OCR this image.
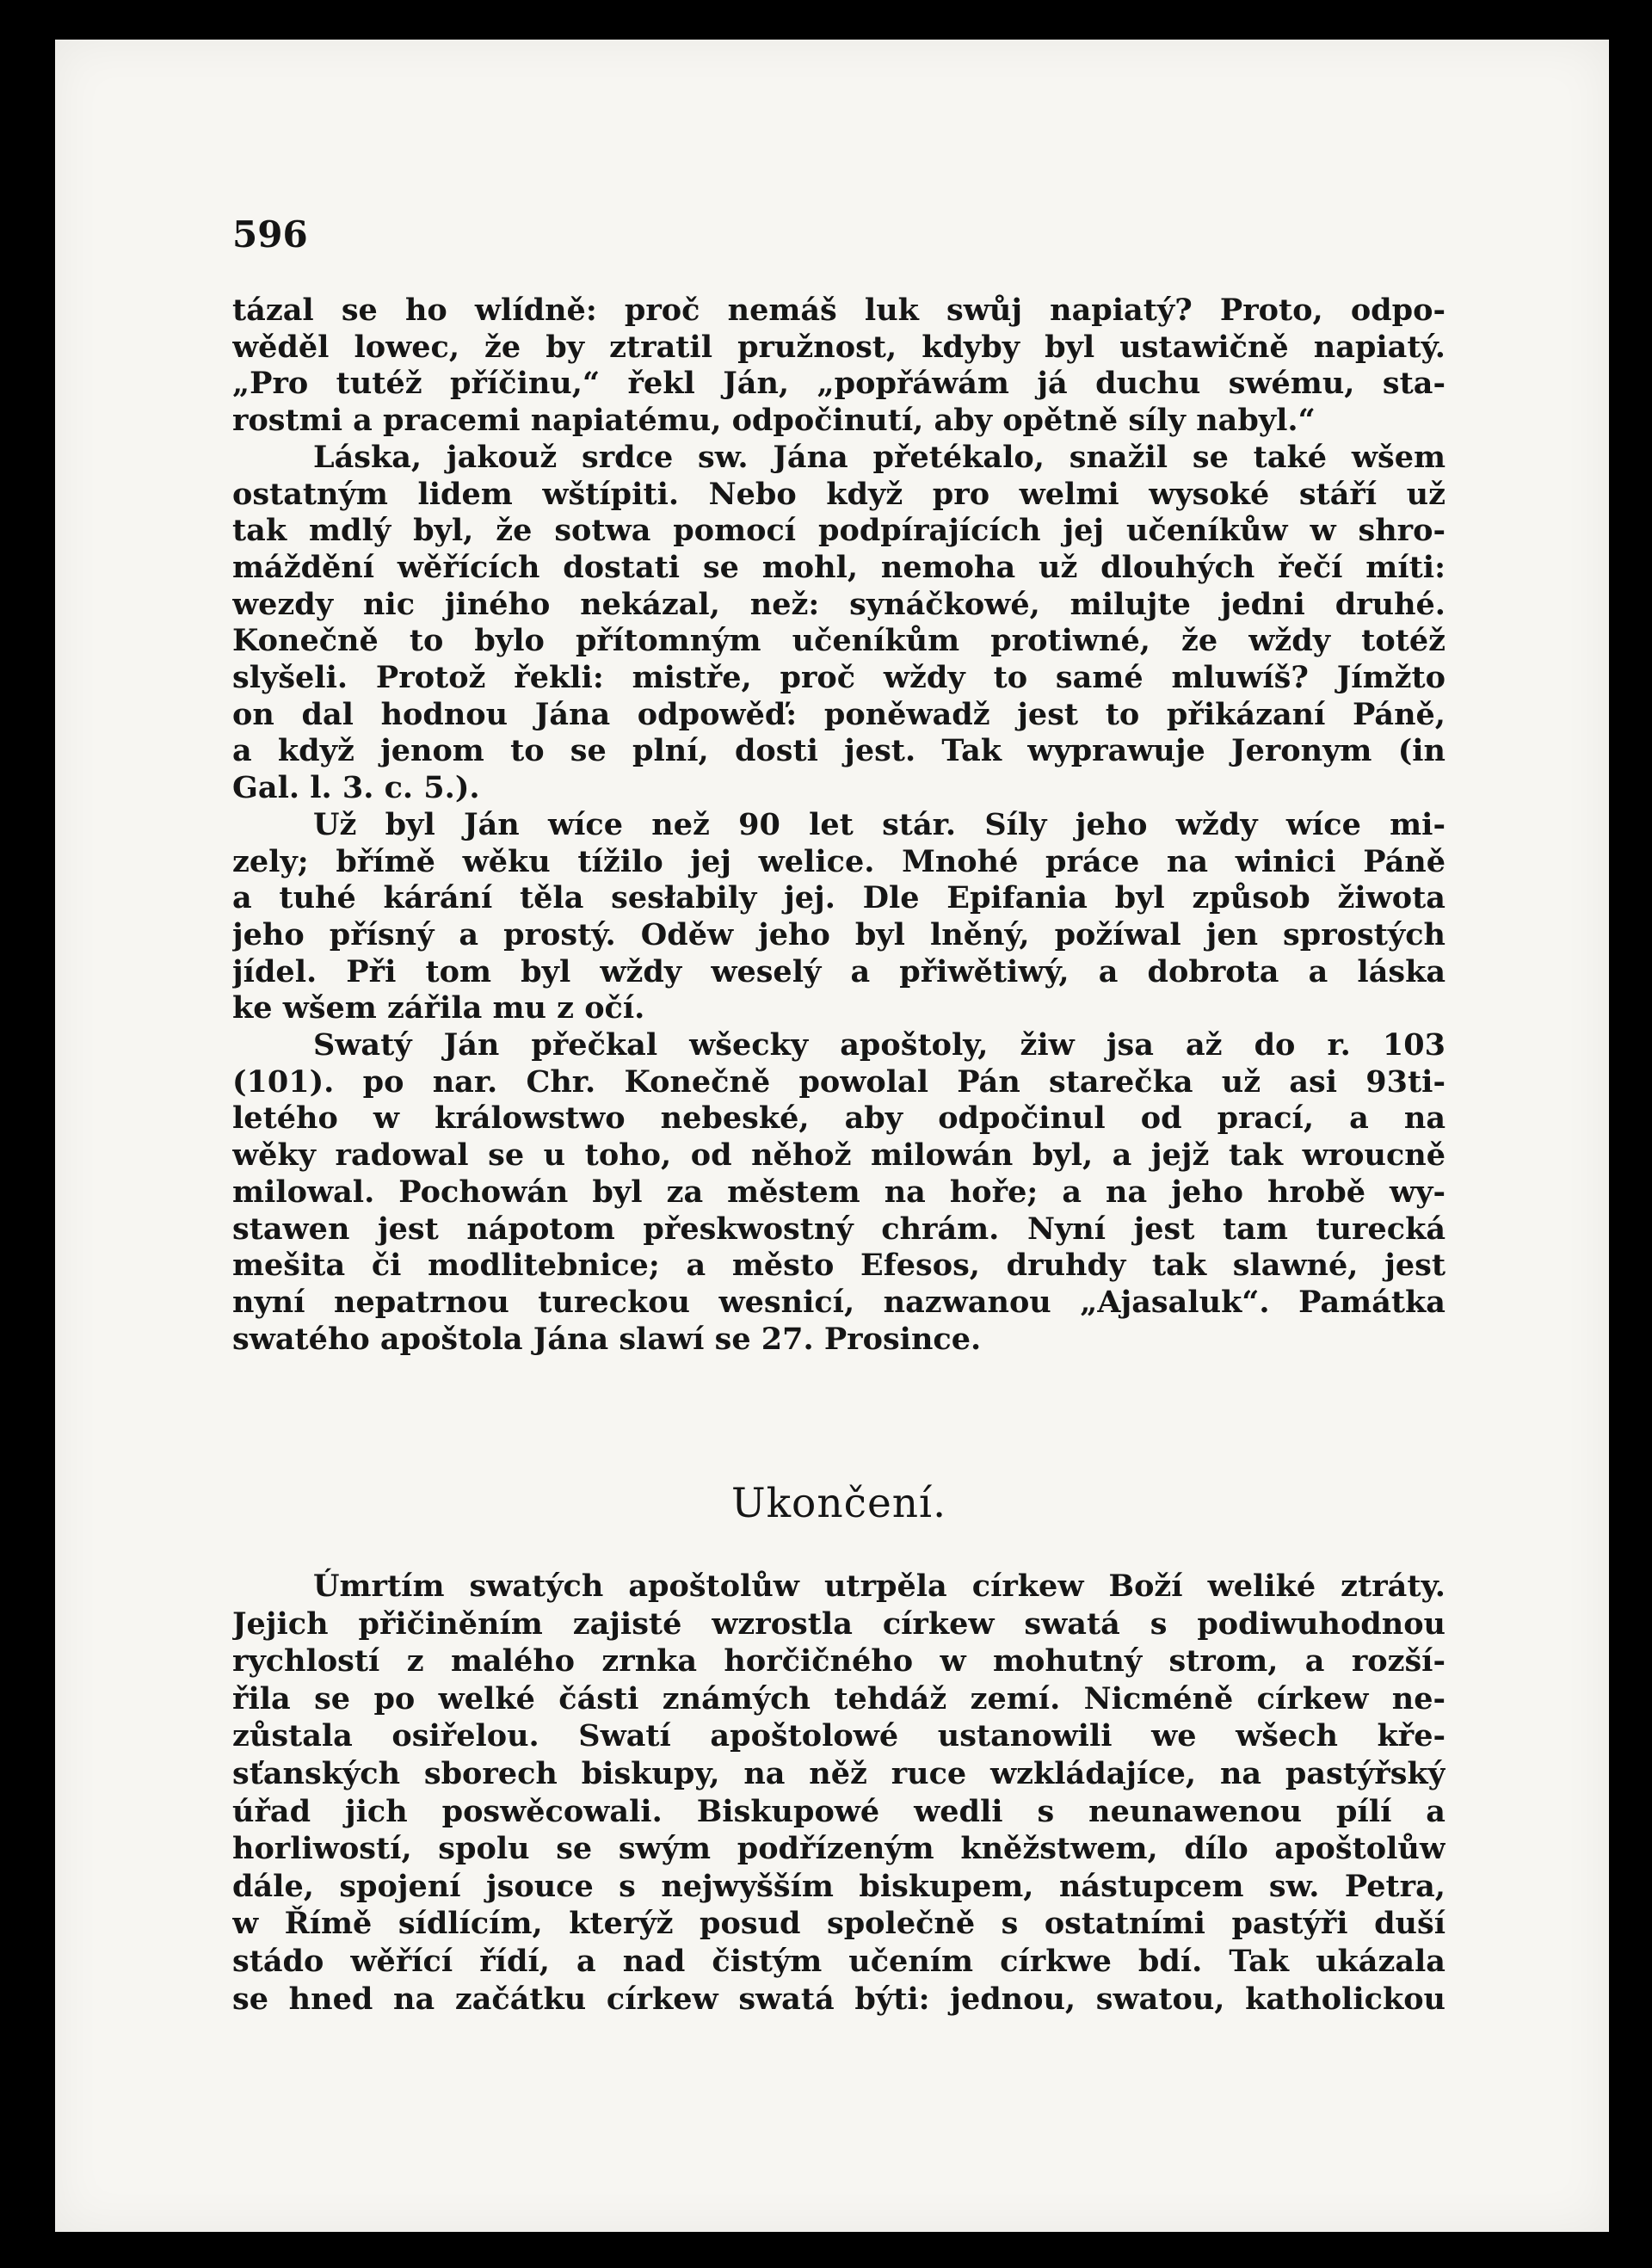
596
tázal se ho wlídně: proč nemáš luk swůj napiatý? Proto, odpo-
wěděl lowec, že by ztratil pružnost, kdyby byl ustawičně napiatý.
„Pro tutéž příčinu,“ řekl Ján, „popřáwám já duchu swému, sta-
rostmi a pracemi napiatému, odpočinutí, aby opětně síly nabyl.“
Láska, jakouž srdce sw. Jána přetékalo, snažil se také wšem
ostatným lidem wštípiti. Nebo když pro welmi wysoké stáří už
tak mdlý byl, že sotwa pomocí podpírajících jej učeníkůw w shro-
máždění wěřících dostati se mohl, nemoha už dlouhých řečí míti:
wezdy nic jiného nekázal, než: synáčkowé, milujte jedni druhé.
Konečně to bylo přítomným učeníkům protiwné, že wždy totéž
slyšeli. Protož řekli: mistře, proč wždy to samé mluwíš? Jímžto
on dal hodnou Jána odpowěď: poněwadž jest to přikázaní Páně,
a když jenom to se plní, dosti jest. Tak wyprawuje Jeronym (in
Gal. l. 3. c. 5.).
Už byl Ján wíce než 90 let stár. Síly jeho wždy wíce mi-
zely; břímě wěku tížilo jej welice. Mnohé práce na winici Páně
a tuhé kárání těla sesłabily jej. Dle Epifania byl způsob žiwota
jeho přísný a prostý. Oděw jeho byl lněný, požíwal jen sprostých
jídel. Při tom byl wždy weselý a přiwětiwý, a dobrota a láska
ke wšem zářila mu z očí.
Swatý Ján přečkal wšecky apoštoly, žiw jsa až do r. 103
(101). po nar. Chr. Konečně powolal Pán starečka už asi 93ti-
letého w králowstwo nebeské, aby odpočinul od prací, a na
wěky radowal se u toho, od něhož milowán byl, a jejž tak wroucně
milowal. Pochowán byl za městem na hoře; a na jeho hrobě wy-
stawen jest nápotom přeskwostný chrám. Nyní jest tam turecká
mešita či modlitebnice; a město Efesos, druhdy tak slawné, jest
nyní nepatrnou tureckou wesnicí, nazwanou „Ajasaluk“. Památka
swatého apoštola Jána slawí se 27. Prosince.
Ukončení.
Úmrtím swatých apoštolůw utrpěla církew Boží weliké ztráty.
Jejich přičiněním zajisté wzrostla církew swatá s podiwuhodnou
rychlostí z malého zrnka horčičného w mohutný strom, a rozší-
řila se po welké části známých tehdáž zemí. Nicméně církew ne-
zůstala osiřelou. Swatí apoštolowé ustanowili we wšech kře-
sťanských sborech biskupy, na něž ruce wzkládajíce, na pastýřský
úřad jich poswěcowali. Biskupowé wedli s neunawenou pílí a
horliwostí, spolu se swým podřízeným kněžstwem, dílo apoštolůw
dále, spojení jsouce s nejwyšším biskupem, nástupcem sw. Petra,
w Římě sídlícím, kterýž posud společně s ostatními pastýři duší
stádo wěřící řídí, a nad čistým učením církwe bdí. Tak ukázala
se hned na začátku církew swatá býti: jednou, swatou, katholickou
